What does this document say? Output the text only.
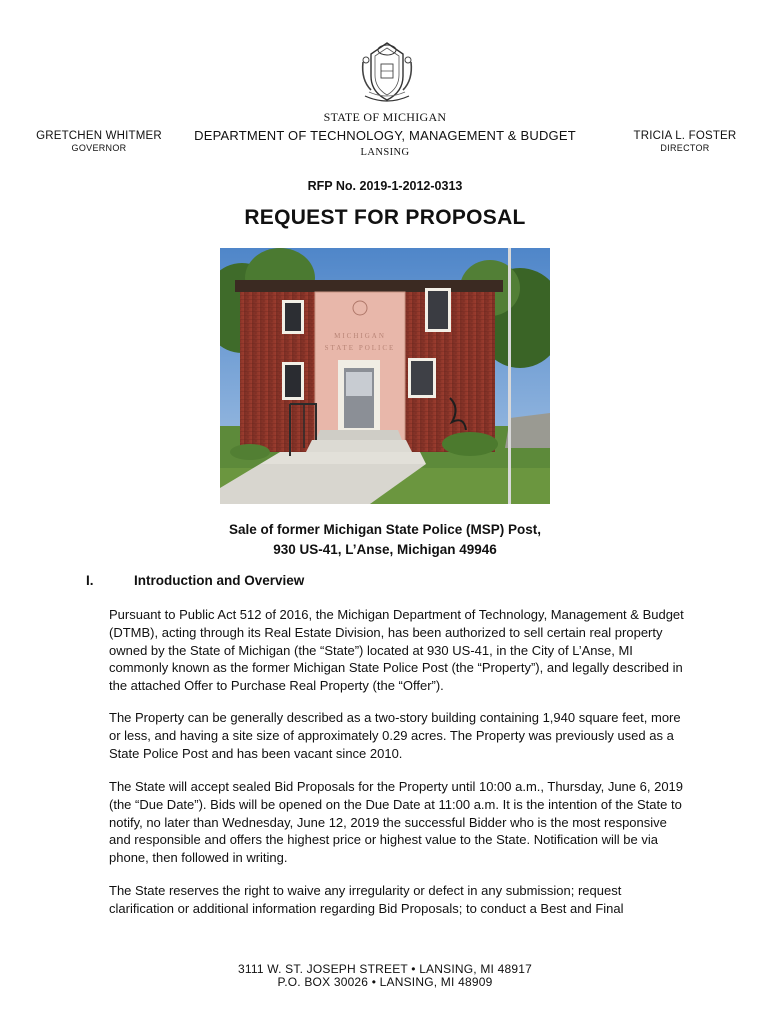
GRETCHEN WHITMER
GOVERNOR
STATE OF MICHIGAN
DEPARTMENT OF TECHNOLOGY, MANAGEMENT & BUDGET
LANSING
TRICIA L. FOSTER
DIRECTOR
RFP No. 2019-1-2012-0313
REQUEST FOR PROPOSAL
MICHIGAN
STATE POLICE
Sale of former Michigan State Police (MSP) Post,
930 US-41, L’Anse, Michigan 49946
I.	Introduction and Overview
Pursuant to Public Act 512 of 2016, the Michigan Department of Technology, Management & Budget (DTMB), acting through its Real Estate Division, has been authorized to sell certain real property owned by the State of Michigan (the “State”) located at 930 US-41, in the City of L’Anse, MI commonly known as the former Michigan State Police Post (the “Property”), and legally described in the attached Offer to Purchase Real Property (the “Offer”).
The Property can be generally described as a two-story building containing 1,940 square feet, more or less, and having a site size of approximately 0.29 acres. The Property was previously used as a State Police Post and has been vacant since 2010.
The State will accept sealed Bid Proposals for the Property until 10:00 a.m., Thursday, June 6, 2019 (the “Due Date”). Bids will be opened on the Due Date at 11:00 a.m. It is the intention of the State to notify, no later than Wednesday, June 12, 2019 the successful Bidder who is the most responsive and responsible and offers the highest price or highest value to the State. Notification will be via phone, then followed in writing.
The State reserves the right to waive any irregularity or defect in any submission; request clarification or additional information regarding Bid Proposals; to conduct a Best and Final
3111 W. ST. JOSEPH STREET • LANSING, MI 48917
P.O. BOX 30026 • LANSING, MI 48909
